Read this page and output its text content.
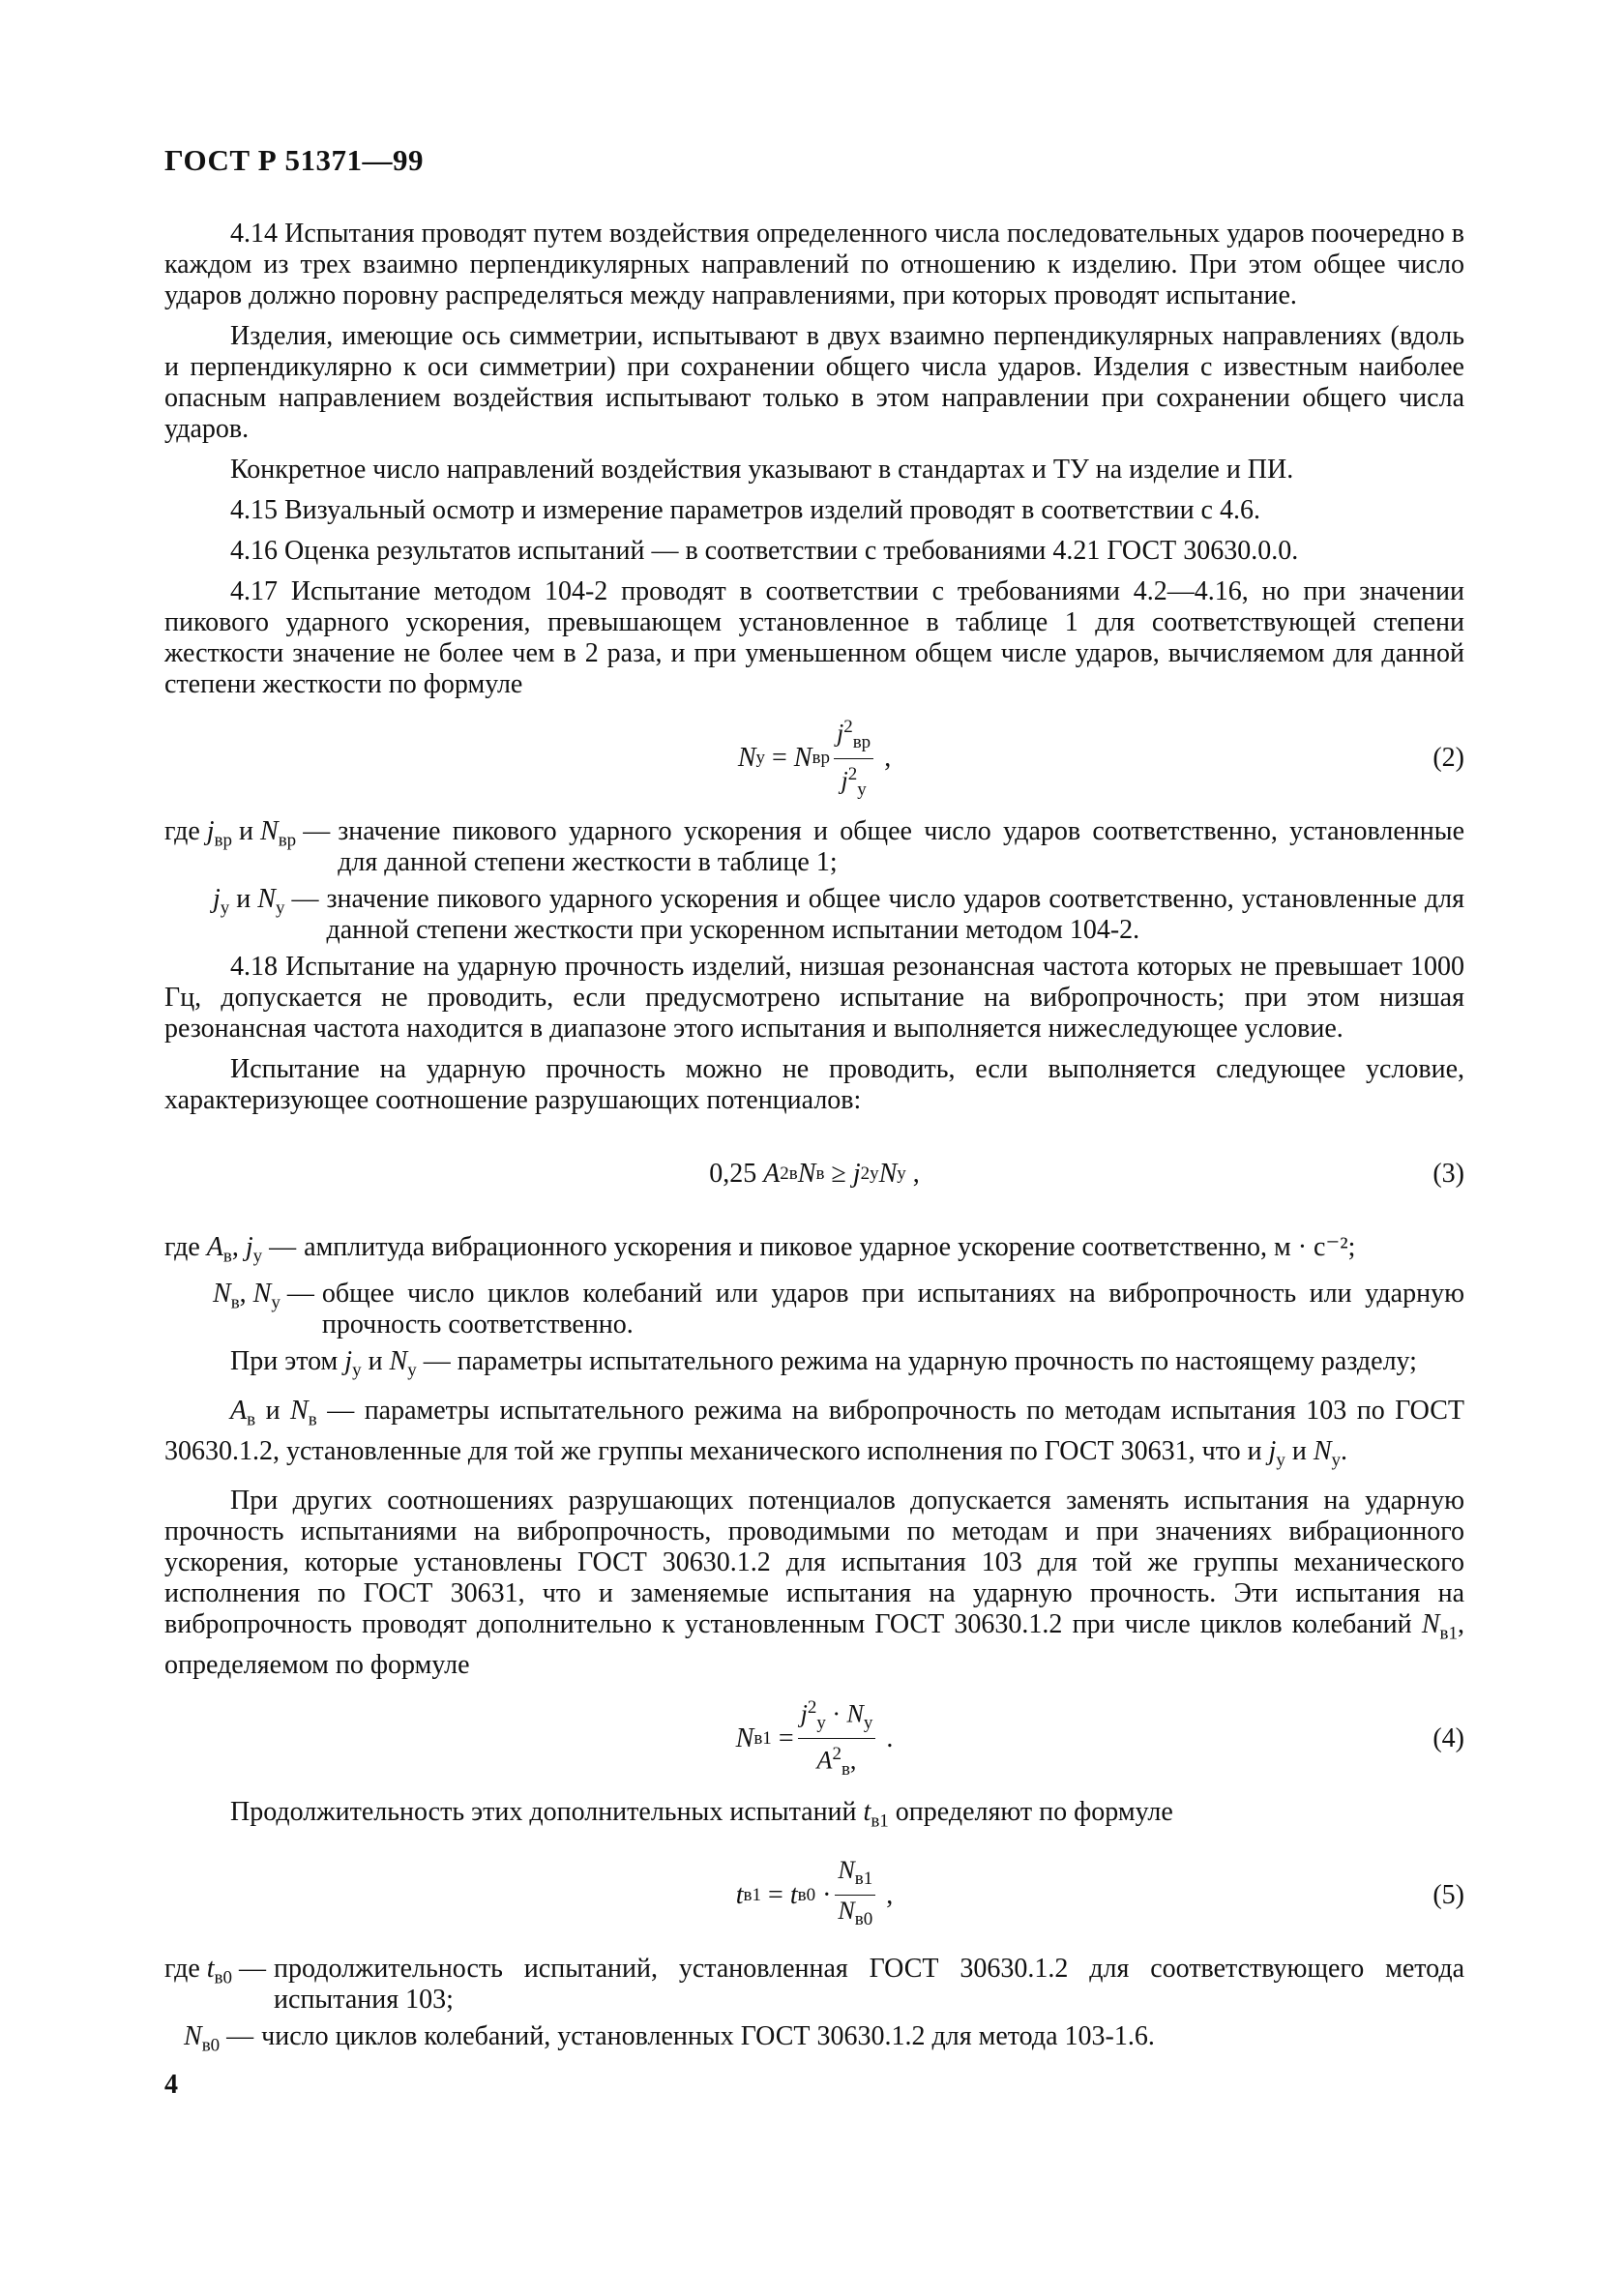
ГОСТ Р 51371—99

4.14 Испытания проводят путем воздействия определенного числа последовательных ударов поочередно в каждом из трех взаимно перпендикулярных направлений по отношению к изделию. При этом общее число ударов должно поровну распределяться между направлениями, при которых проводят испытание.

Изделия, имеющие ось симметрии, испытывают в двух взаимно перпендикулярных направлениях (вдоль и перпендикулярно к оси симметрии) при сохранении общего числа ударов. Изделия с известным наиболее опасным направлением воздействия испытывают только в этом направлении при сохранении общего числа ударов.

Конкретное число направлений воздействия указывают в стандартах и ТУ на изделие и ПИ.

4.15 Визуальный осмотр и измерение параметров изделий проводят в соответствии с 4.6.

4.16 Оценка результатов испытаний — в соответствии с требованиями 4.21 ГОСТ 30630.0.0.

4.17 Испытание методом 104-2 проводят в соответствии с требованиями 4.2—4.16, но при значении пикового ударного ускорения, превышающем установленное в таблице 1 для соответствующей степени жесткости значение не более чем в 2 раза, и при уменьшенном общем числе ударов, вычисляемом для данной степени жесткости по формуле

N у = N вр $\frac{j^2_{вр}}{j^2_у}$ ,	(2)
где $j_{вр}$ и $N_{вр}$ — значение пикового ударного ускорения и общее число ударов соответственно, установленные для данной степени жесткости в таблице 1;
$j_у$ и $N_у$ — значение пикового ударного ускорения и общее число ударов соответственно, установленные для данной степени жесткости при ускоренном испытании методом 104-2.

4.18 Испытание на ударную прочность изделий, низшая резонансная частота которых не превышает 1000 Гц, допускается не проводить, если предусмотрено испытание на вибропрочность; при этом низшая резонансная частота находится в диапазоне этого испытания и выполняется нижеследующее условие.

Испытание на ударную прочность можно не проводить, если выполняется следующее условие, характеризующее соотношение разрушающих потенциалов:

0,25
A 2 в N в ≥ j 2 у N у ,	(3)
где $A_в$, $j_у$ — амплитуда вибрационного ускорения и пиковое ударное ускорение соответственно, м · с⁻²;
$N_в$, $N_у$ — общее число циклов колебаний или ударов при испытаниях на вибропрочность или ударную прочность соответственно.

При этом $j_у$ и $N_у$ — параметры испытательного режима на ударную прочность по настоящему разделу;

$A_в$ и $N_в$ — параметры испытательного режима на вибропрочность по методам испытания 103 по ГОСТ 30630.1.2, установленные для той же группы механического исполнения по ГОСТ 30631, что и $j_у$ и $N_у$.

При других соотношениях разрушающих потенциалов допускается заменять испытания на ударную прочность испытаниями на вибропрочность, проводимыми по методам и при значениях вибрационного ускорения, которые установлены ГОСТ 30630.1.2 для испытания 103 для той же группы механического исполнения по ГОСТ 30631, что и заменяемые испытания на ударную прочность. Эти испытания на вибропрочность проводят дополнительно к установленным ГОСТ 30630.1.2 при числе циклов колебаний $N_{в1}$, определяемом по формуле

N $в1 = \frac{j^2_у \cdot N_у}{A^2_в,}$ .	(4)

Продолжительность этих дополнительных испытаний $t_{в1}$ определяют по формуле

t в1 = t $в0 \cdot \frac{N_{в1}}{N_{в0}}$ ,	(5)
где $t_{в0}$ — продолжительность испытаний, установленная ГОСТ 30630.1.2 для соответствующего метода испытания 103;
$N_{в0}$ — число циклов колебаний, установленных ГОСТ 30630.1.2 для метода 103-1.6.
4
